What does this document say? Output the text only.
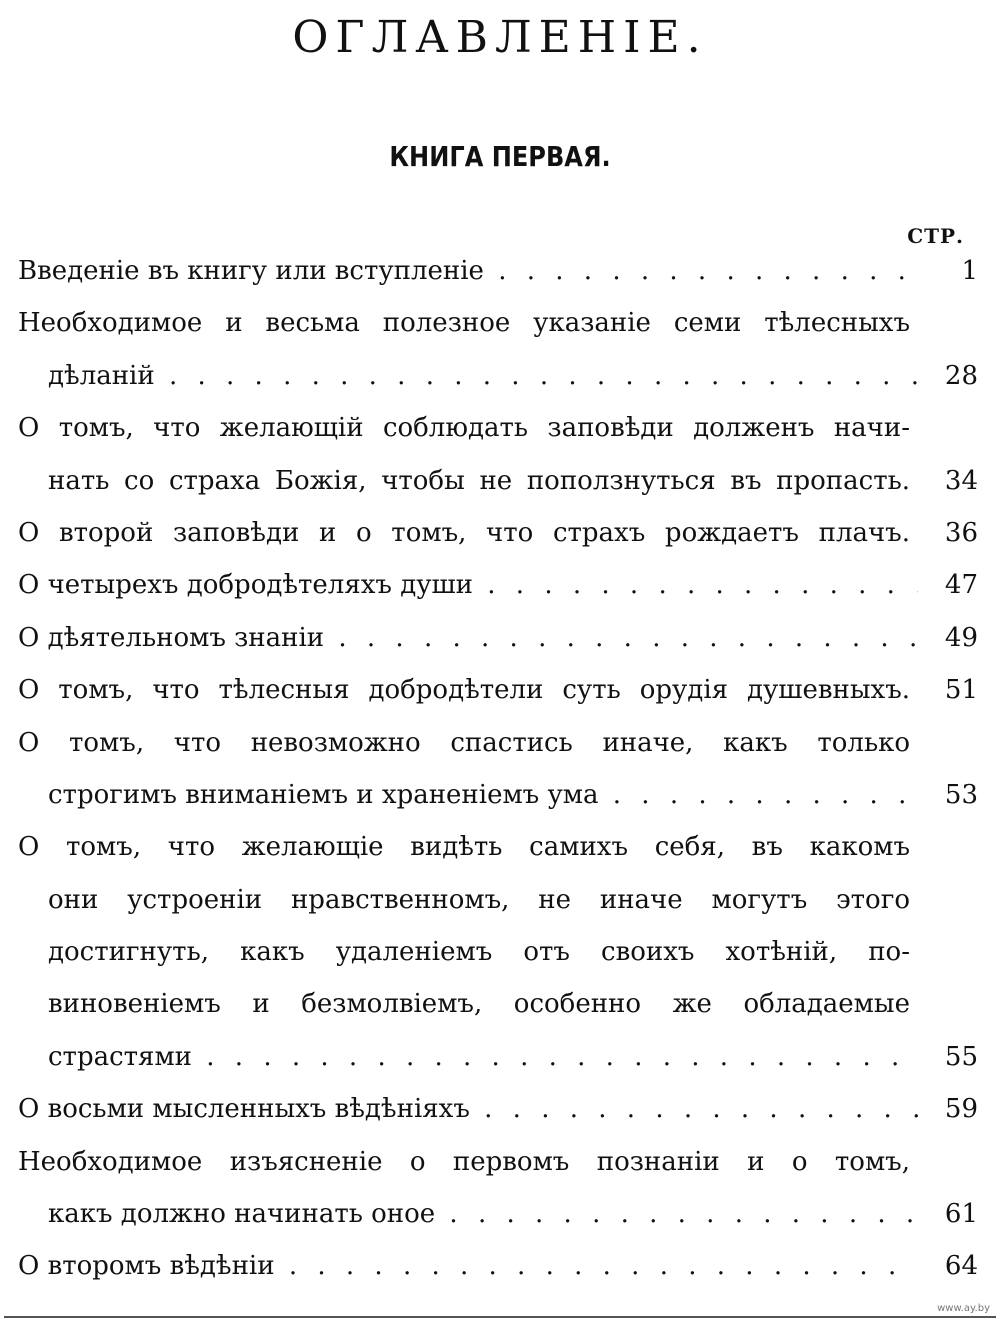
ОГЛАВЛЕНІЕ.
КНИГА ПЕРВАЯ.
СТР.
Введеніе въ книгу или вступленіе . . .	1
Необходимое и весьма полезное указаніе семи тѣлесныхъ
дѣланій . . .	28
О томъ, что желающій соблюдать заповѣди долженъ начи-
нать со страха Божія, чтобы не поползнуться въ пропасть. 34
О второй заповѣди и о томъ, что страхъ рождаетъ плачъ. 36
О четырехъ добродѣтеляхъ души . . .	47
О дѣятельномъ знаніи . . .	49
О томъ, что тѣлесныя добродѣтели суть орудія душевныхъ. 51
О томъ, что невозможно спастись иначе, какъ только
строгимъ вниманіемъ и храненіемъ ума . . .	53
О томъ, что желающіе видѣть самихъ себя, въ какомъ
они устроеніи нравственномъ, не иначе могутъ этого
достигнуть, какъ удаленіемъ отъ своихъ хотѣній, по-
виновеніемъ и безмолвіемъ, особенно же обладаемые
страстями . . .	55
О восьми мысленныхъ вѣдѣніяхъ . . .	59
Необходимое изъясненіе о первомъ познаніи и о томъ,
какъ должно начинать оное . . .	61
О второмъ вѣдѣніи . . .	64
www.ay.by
